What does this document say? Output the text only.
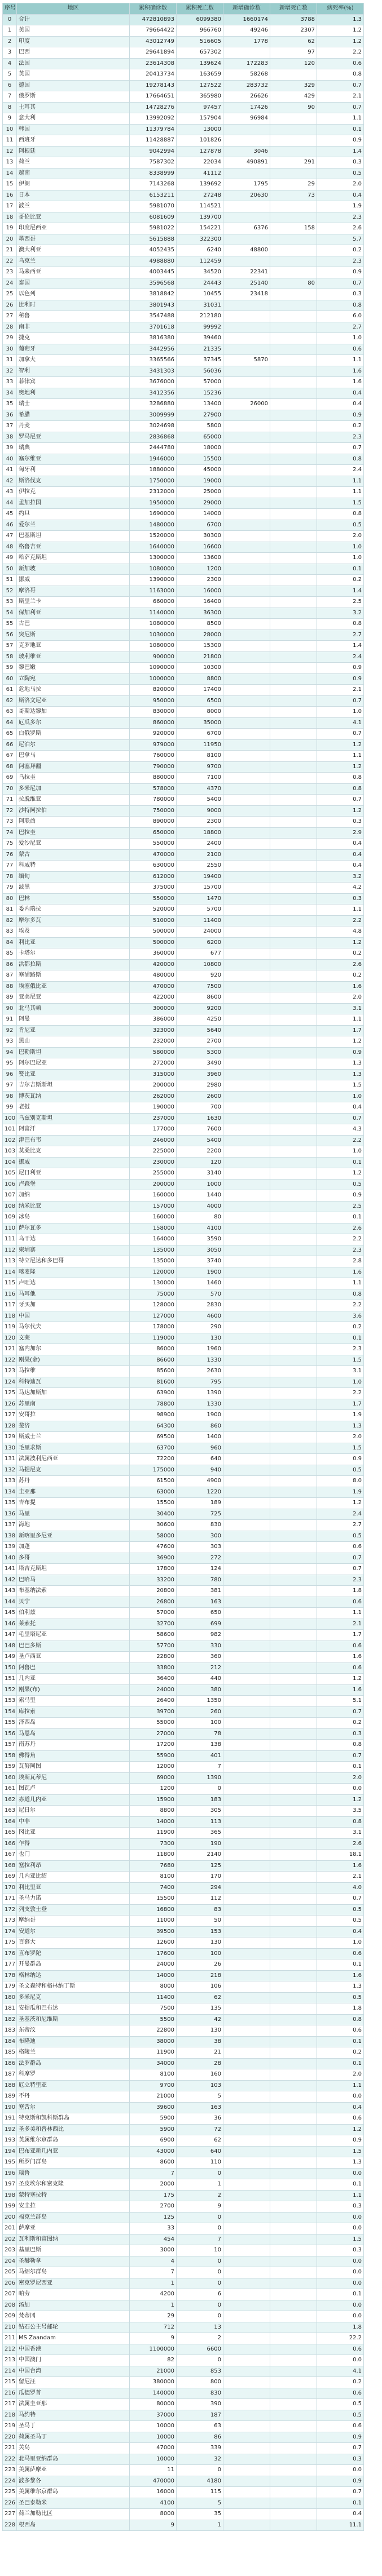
序号	地区	累积确诊数	累积死亡数	新增确诊数	新增死亡数	病死率(%)
0	合计	472810893	6099380	1660174	3788	1.3
1	美国	79664422	966760	49246	2307	1.2
2	印度	43012749	516605	1778	62	1.2
3	巴西	29641894	657302		97	2.2
4	法国	23614308	139624	172283	120	0.6
5	英国	20413734	163659	58268		0.8
6	德国	19278143	127522	283732	329	0.7
7	俄罗斯	17664651	365980	26626	429	2.1
8	土耳其	14728276	97457	17426	90	0.7
9	意大利	13992092	157904	96984		1.1
10	韩国	11379784	13000			0.1
11	西班牙	11428887	101826			0.9
12	阿根廷	9042994	127878	3046		1.4
13	荷兰	7587302	22034	490891	291	0.3
14	越南	8338999	41112			0.5
15	伊朗	7143268	139692	1795	29	2.0
16	日本	6153211	27248	20630	73	0.4
17	波兰	5981070	114521			1.9
18	哥伦比亚	6081609	139700			2.3
19	印度尼西亚	5981022	154221	6376	158	2.6
20	墨西哥	5615888	322300			5.7
21	澳大利亚	4052435	6240	48800		0.2
22	乌克兰	4988880	112459			2.3
23	马来西亚	4003445	34520	22341		0.9
24	泰国	3596568	24443	25140	80	0.7
25	以色列	3818842	10455	23418		0.3
26	比利时	3801943	31031			0.8
27	秘鲁	3547488	212180			6.0
28	南非	3701618	99992			2.7
29	捷克	3816380	39460			1.0
30	葡萄牙	3442956	21335			0.6
31	加拿大	3365566	37345	5870		1.1
32	智利	3431303	56036			1.6
33	菲律宾	3676000	57000			1.6
34	奥地利	3412356	15236			0.4
35	瑞士	3286880	13400	26000		0.4
36	希腊	3009999	27900			0.9
37	丹麦	3024698	5800			0.2
38	罗马尼亚	2836868	65000			2.3
39	瑞典	2444780	18000			0.7
40	塞尔维亚	1946000	15500			0.8
41	匈牙利	1880000	45000			2.4
42	斯洛伐克	1750000	19000			1.1
43	伊拉克	2312000	25000			1.1
44	孟加拉国	1950000	29000			1.5
45	约旦	1690000	14000			0.8
46	爱尔兰	1480000	6700			0.5
47	巴基斯坦	1520000	30300			2.0
48	格鲁吉亚	1640000	16600			1.0
49	哈萨克斯坦	1300000	13600			1.0
50	新加坡	1080000	1200			0.1
51	挪威	1390000	2300			0.2
52	摩洛哥	1163000	16000			1.4
53	斯里兰卡	660000	16400			2.5
54	保加利亚	1140000	36300			3.2
55	古巴	1080000	8500			0.8
56	突尼斯	1030000	28000			2.7
57	克罗地亚	1080000	15300			1.4
58	玻利维亚	900000	21800			2.4
59	黎巴嫩	1090000	10300			0.9
60	立陶宛	1000000	8800			0.9
61	危地马拉	820000	17400			2.1
62	斯洛文尼亚	950000	6500			0.7
63	哥斯达黎加	830000	8000			1.0
64	厄瓜多尔	860000	35000			4.1
65	白俄罗斯	920000	6700			0.7
66	尼泊尔	979000	11950			1.2
67	巴拿马	760000	8100			1.1
68	阿塞拜疆	790000	9700			1.2
69	乌拉圭	880000	7100			0.8
70	多米尼加	578000	4370			0.8
71	拉脱维亚	780000	5400			0.7
72	沙特阿拉伯	750000	9000			1.2
73	阿联酋	890000	2300			0.3
74	巴拉圭	650000	18800			2.9
75	爱沙尼亚	550000	2400			0.4
76	蒙古	470000	2100			0.4
77	科威特	630000	2550			0.4
78	缅甸	612000	19400			3.2
79	波黑	375000	15700			4.2
80	巴林	550000	1470			0.3
81	委内瑞拉	520000	5700			1.1
82	摩尔多瓦	510000	11400			2.2
83	埃及	500000	24000			4.8
84	利比亚	500000	6200			1.2
85	卡塔尔	360000	677			0.2
86	洪都拉斯	420000	10800			2.6
87	塞浦路斯	480000	920			0.2
88	埃塞俄比亚	470000	7500			1.6
89	亚美尼亚	422000	8600			2.0
90	北马其顿	300000	9200			3.1
91	阿曼	386000	4250			1.1
92	肯尼亚	323000	5640			1.7
93	黑山	232000	2700			1.2
94	巴勒斯坦	580000	5300			0.9
95	阿尔巴尼亚	272000	3490			1.3
96	赞比亚	315000	3960			1.3
97	吉尔吉斯斯坦	200000	2980			1.5
98	博茨瓦纳	262000	2600			1.0
99	老挝	190000	700			0.4
100	乌兹别克斯坦	237000	1630			0.7
101	阿富汗	177000	7600			4.3
102	津巴布韦	246000	5400			2.2
103	莫桑比克	225000	2200			1.0
104	挪威	230000	120			0.1
105	尼日利亚	255000	3140			1.2
106	卢森堡	200000	1000			0.5
107	加纳	160000	1440			0.9
108	纳米比亚	157000	4000			2.5
109	冰岛	160000	80			0.1
110	萨尔瓦多	158000	4100			2.6
111	乌干达	164000	3590			2.2
112	柬埔寨	135000	3050			2.3
113	特立尼达和多巴哥	135000	3740			2.8
114	喀麦隆	120000	1900			1.6
115	卢旺达	130000	1460			1.1
116	马耳他	75000	570			0.8
117	牙买加	128000	2830			2.2
118	中国	127000	4600			3.6
119	马尔代夫	178000	290			0.2
120	文莱	119000	130			0.1
121	塞内加尔	86000	1960			2.3
122	刚果(金)	86600	1330			1.5
123	马拉维	85600	2630			3.1
124	科特迪瓦	81600	795			1.0
125	马达加斯加	63900	1390			2.2
126	苏里南	78800	1330			1.7
127	安哥拉	98900	1900			1.9
128	斐济	64300	860			1.3
129	斯威士兰	69500	1400			2.0
130	毛里求斯	63700	960			1.5
131	法属波利尼西亚	72200	640			0.9
132	马提尼克	175000	940			0.5
133	苏丹	61500	4900			8.0
134	圭亚那	63000	1220			1.9
135	吉布提	15500	189			1.2
136	马里	30400	725			2.4
137	海地	30600	830			2.7
138	新喀里多尼亚	58000	300			0.5
139	加蓬	47600	303			0.6
140	多哥	36900	272			0.7
141	塔吉克斯坦	17800	124			0.7
142	巴哈马	33200	780			2.3
143	布基纳法索	20800	381			1.8
144	贝宁	26800	163			0.6
145	伯利兹	57000	650			1.1
146	莱索托	32700	699			2.1
147	毛里塔尼亚	58600	982			1.7
148	巴巴多斯	57700	330			0.6
149	圣卢西亚	22800	360			1.6
150	阿鲁巴	33800	212			0.6
151	几内亚	36400	440			1.2
152	刚果(布)	24000	380			1.6
153	索马里	26400	1350			5.1
154	库拉索	39700	260			0.7
155	泽西岛	55000	100			0.2
156	马恩岛	27000	78			0.3
157	南苏丹	17200	138			0.8
158	佛得角	55900	401			0.7
159	瓦努阿图	12000	7			0.1
160	埃斯瓦蒂尼	69000	1390			2.0
161	图瓦卢	1200	0			0.0
162	赤道几内亚	15900	183			1.2
163	尼日尔	8800	305			3.5
164	中非	14000	113			0.8
165	冈比亚	11900	365			3.1
166	乍得	7300	190			2.6
167	也门	11800	2140			18.1
168	塞拉利昂	7680	125			1.6
169	几内亚比绍	8100	170			2.1
170	利比里亚	7400	294			4.0
171	圣马力诺	15500	112			0.7
172	列支敦士登	16800	83			0.5
173	摩纳哥	11000	50			0.5
174	安道尔	39500	153			0.4
175	百慕大	12600	130			1.0
176	直布罗陀	17600	100			0.6
177	开曼群岛	24000	26			0.1
178	格林纳达	14000	218			1.6
179	圣文森特和格林纳丁斯	8000	106			1.3
180	多米尼克	11400	62			0.5
181	安提瓜和巴布达	7500	135			1.8
182	圣基茨和尼维斯	5500	42			0.8
183	东帝汶	22800	130			0.6
184	布隆迪	38000	38			0.1
185	格陵兰	11900	21			0.2
186	法罗群岛	34000	28			0.1
187	科摩罗	8100	160			2.0
188	厄立特里亚	9700	103			1.1
189	不丹	21000	5			0.0
190	塞舌尔	39600	163			0.4
191	特克斯和凯科斯群岛	5900	36			0.6
192	圣多美和普林西比	5900	72			1.2
193	英属维尔京群岛	6900	62			0.9
194	巴布亚新几内亚	43000	640			1.5
195	所罗门群岛	8600	110			1.3
196	瑙鲁	7	0			0.0
197	圣皮埃尔和密克隆	2000	1			0.1
198	蒙特塞拉特	175	2			1.1
199	安圭拉	2700	9			0.3
200	福克兰群岛	125	0			0.0
201	萨摩亚	33	0			0.0
202	瓦利斯和富图纳	454	7			1.5
203	基里巴斯	3000	10			0.3
204	圣赫勒拿	4	0			0.0
205	马绍尔群岛	7	0			0.0
206	密克罗尼西亚	1	0			0.0
207	帕劳	4200	6			0.1
208	汤加	1	0			0.0
209	梵蒂冈	29	0			0.0
210	钻石公主号邮轮	712	13			1.8
211	MS Zaandam	9	2			22.2
212	中国香港	1100000	6600			0.6
213	中国澳门	82	0			0.0
214	中国台湾	21000	853			4.1
215	留尼汪	380000	800			0.2
216	瓜德罗普	140000	830			0.6
217	法属圭亚那	80000	390			0.5
218	马约特	37000	187			0.5
219	圣马丁	10000	63			0.6
220	荷属圣马丁	10000	86			0.9
221	关岛	47000	339			0.7
222	北马里亚纳群岛	10000	32			0.3
223	美属萨摩亚	11	0			0.0
224	波多黎各	470000	4180			0.9
225	美属维尔京群岛	16000	115			0.7
226	圣巴泰勒米	4100	5			0.1
227	荷兰加勒比区	8000	35			0.4
228	根西岛	9	1			11.1
